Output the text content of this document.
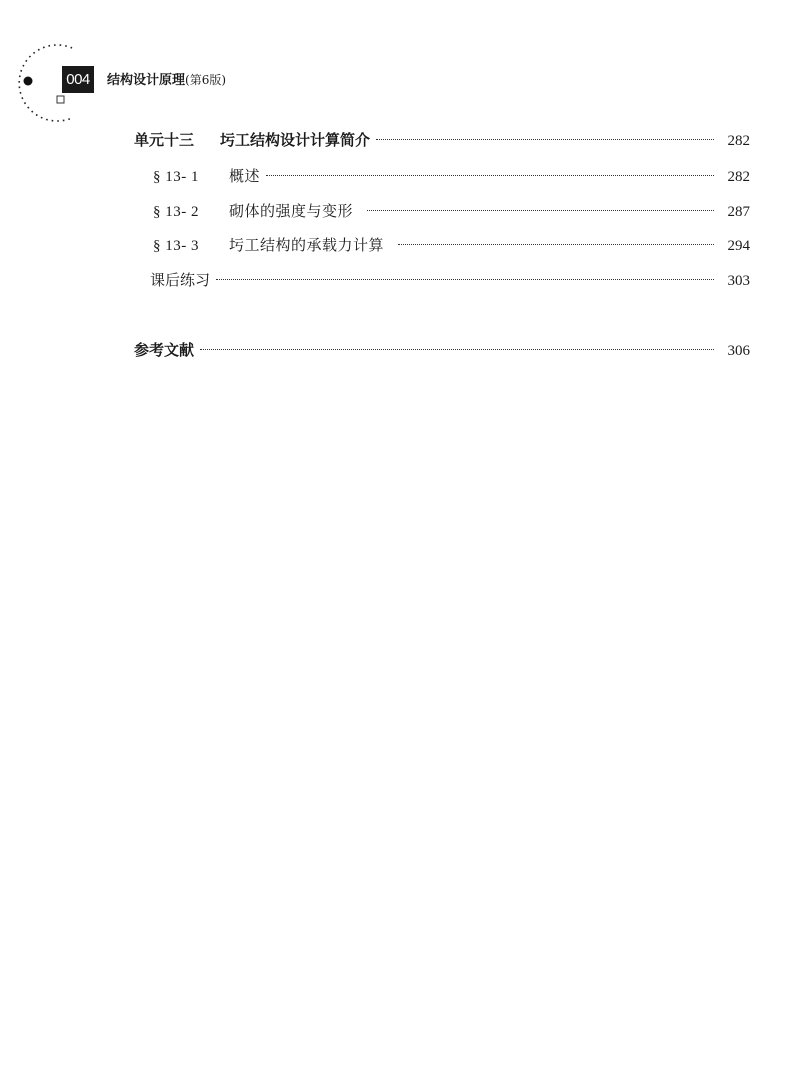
004	结构设计原理(第6版)
单元十三 圬工结构设计计算简介	282
§ 13- 1 概述	282
§ 13- 2 砌体的强度与变形	287
§ 13- 3 圬工结构的承载力计算	294
课后练习	303
参考文献	306
